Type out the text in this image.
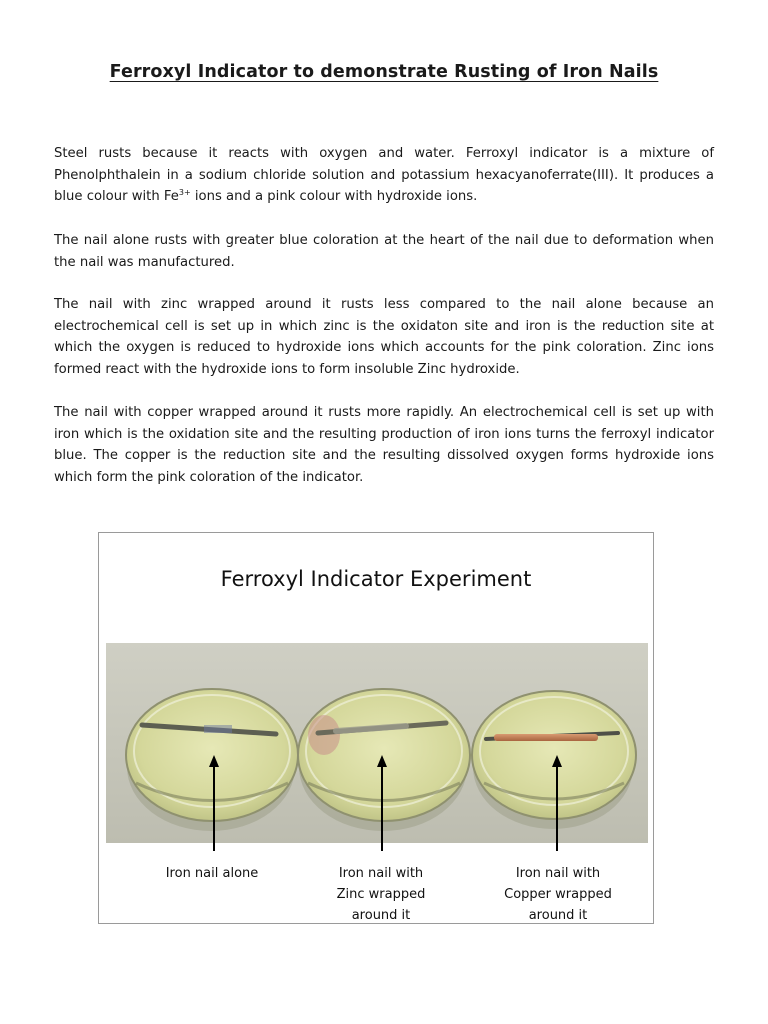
Ferroxyl Indicator to demonstrate Rusting of Iron Nails
Steel rusts because it reacts with oxygen and water. Ferroxyl indicator is a mixture of Phenolphthalein in a sodium chloride solution and potassium hexacyanoferrate(III). It produces a blue colour with $Fe^{3+}$ ions and a pink colour with hydroxide ions.
The nail alone rusts with greater blue coloration at the heart of the nail due to deformation when the nail was manufactured.
The nail with zinc wrapped around it rusts less compared to the nail alone because an electrochemical cell is set up in which zinc is the oxidaton site and iron is the reduction site at which the oxygen is reduced to hydroxide ions which accounts for the pink coloration. Zinc ions formed react with the hydroxide ions to form insoluble Zinc hydroxide.
The nail with copper wrapped around it rusts more rapidly. An electrochemical cell is set up with iron which is the oxidation site and the resulting production of iron ions turns the ferroxyl indicator blue. The copper is the reduction site and the resulting dissolved oxygen forms hydroxide ions which form the pink coloration of the indicator.
Ferroxyl Indicator Experiment
Iron nail alone	Iron nail with
Zinc wrapped
around it
Iron nail with
Copper wrapped
around it
